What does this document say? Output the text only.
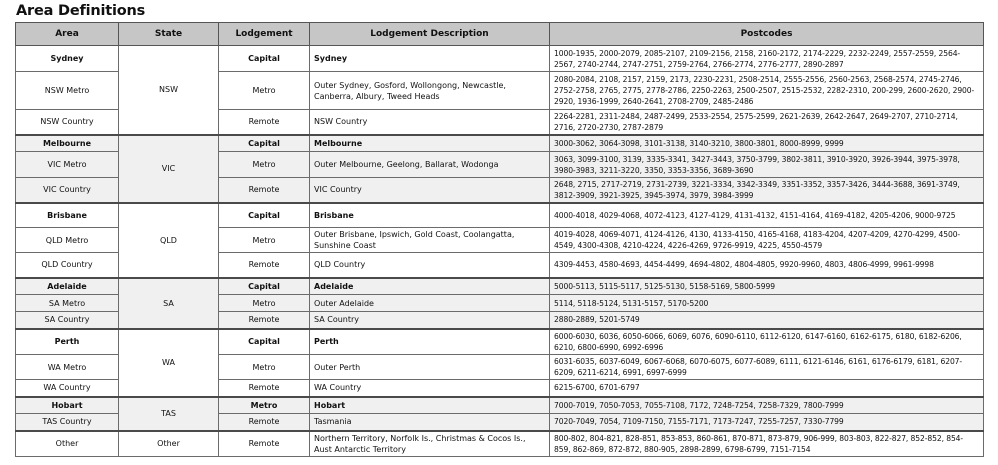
Area Definitions
Area	State	Lodgement	Lodgement Description	Postcodes
Sydney	NSW	Capital	Sydney	1000-1935, 2000-2079, 2085-2107, 2109-2156, 2158, 2160-2172, 2174-2229, 2232-2249, 2557-2559, 2564-2567, 2740-2744, 2747-2751, 2759-2764, 2766-2774, 2776-2777, 2890-2897
NSW Metro		Metro	Outer Sydney, Gosford, Wollongong, Newcastle, Canberra, Albury, Tweed Heads	2080-2084, 2108, 2157, 2159, 2173, 2230-2231, 2508-2514, 2555-2556, 2560-2563, 2568-2574, 2745-2746, 2752-2758, 2765, 2775, 2778-2786, 2250-2263, 2500-2507, 2515-2532, 2282-2310, 200-299, 2600-2620, 2900-2920, 1936-1999, 2640-2641, 2708-2709, 2485-2486
NSW Country		Remote	NSW Country	2264-2281, 2311-2484, 2487-2499, 2533-2554, 2575-2599, 2621-2639, 2642-2647, 2649-2707, 2710-2714, 2716, 2720-2730, 2787-2879
Melbourne	VIC	Capital	Melbourne	3000-3062, 3064-3098, 3101-3138, 3140-3210, 3800-3801, 8000-8999, 9999
VIC Metro		Metro	Outer Melbourne, Geelong, Ballarat, Wodonga	3063, 3099-3100, 3139, 3335-3341, 3427-3443, 3750-3799, 3802-3811, 3910-3920, 3926-3944, 3975-3978, 3980-3983, 3211-3220, 3350, 3353-3356, 3689-3690
VIC Country		Remote	VIC Country	2648, 2715, 2717-2719, 2731-2739, 3221-3334, 3342-3349, 3351-3352, 3357-3426, 3444-3688, 3691-3749, 3812-3909, 3921-3925, 3945-3974, 3979, 3984-3999
Brisbane	QLD	Capital	Brisbane	4000-4018, 4029-4068, 4072-4123, 4127-4129, 4131-4132, 4151-4164, 4169-4182, 4205-4206, 9000-9725
QLD Metro		Metro	Outer Brisbane, Ipswich, Gold Coast, Coolangatta, Sunshine Coast	4019-4028, 4069-4071, 4124-4126, 4130, 4133-4150, 4165-4168, 4183-4204, 4207-4209, 4270-4299, 4500-4549, 4300-4308, 4210-4224, 4226-4269, 9726-9919, 4225, 4550-4579
QLD Country		Remote	QLD Country	4309-4453, 4580-4693, 4454-4499, 4694-4802, 4804-4805, 9920-9960, 4803, 4806-4999, 9961-9998
Adelaide	SA	Capital	Adelaide	5000-5113, 5115-5117, 5125-5130, 5158-5169, 5800-5999
SA Metro		Metro	Outer Adelaide	5114, 5118-5124, 5131-5157, 5170-5200
SA Country		Remote	SA Country	2880-2889, 5201-5749
Perth	WA	Capital	Perth	6000-6030, 6036, 6050-6066, 6069, 6076, 6090-6110, 6112-6120, 6147-6160, 6162-6175, 6180, 6182-6206, 6210, 6800-6990, 6992-6996
WA Metro		Metro	Outer Perth	6031-6035, 6037-6049, 6067-6068, 6070-6075, 6077-6089, 6111, 6121-6146, 6161, 6176-6179, 6181, 6207-6209, 6211-6214, 6991, 6997-6999
WA Country		Remote	WA Country	6215-6700, 6701-6797
Hobart	TAS	Metro	Hobart	7000-7019, 7050-7053, 7055-7108, 7172, 7248-7254, 7258-7329, 7800-7999
TAS Country		Remote	Tasmania	7020-7049, 7054, 7109-7150, 7155-7171, 7173-7247, 7255-7257, 7330-7799
Other	Other	Remote	Northern Territory, Norfolk Is., Christmas & Cocos Is., Aust Antarctic Territory	800-802, 804-821, 828-851, 853-853, 860-861, 870-871, 873-879, 906-999, 803-803, 822-827, 852-852, 854-859, 862-869, 872-872, 880-905, 2898-2899, 6798-6799, 7151-7154
